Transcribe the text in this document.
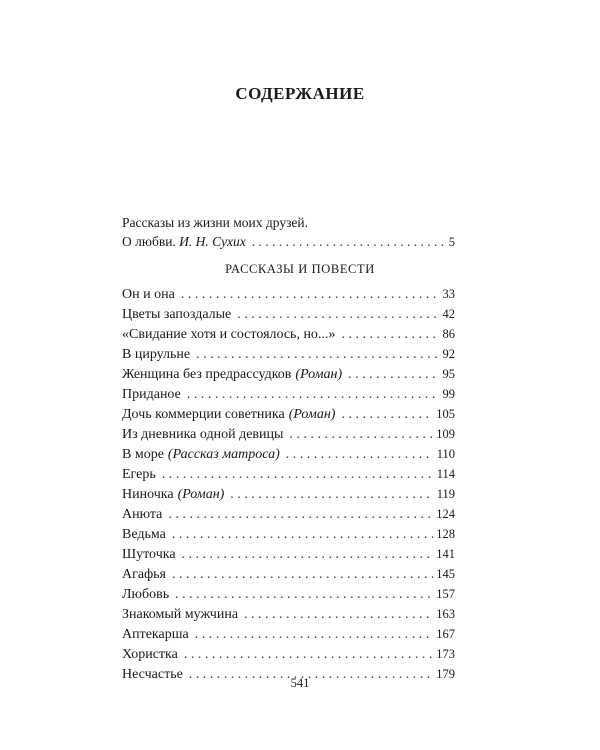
СОДЕРЖАНИЕ
Рассказы из жизни моих друзей.
О любви. И. Н. Сухих . . .	5
РАССКАЗЫ И ПОВЕСТИ
Он и она . . .	33
Цветы запоздалые . . .	42
«Свидание хотя и состоялось, но...» . . .	86
В цирульне . . .	92
Женщина без предрассудков (Роман) . . .	95
Приданое . . .	99
Дочь коммерции советника (Роман) . . .	105
Из дневника одной девицы . . .	109
В море (Рассказ матроса) . . .	110
Егерь . . .	114
Ниночка (Роман) . . .	119
Анюта . . .	124
Ведьма . . .	128
Шуточка . . .	141
Агафья . . .	145
Любовь . . .	157
Знакомый мужчина . . .	163
Аптекарша . . .	167
Хористка . . .	173
Несчастье . . .	179
541
